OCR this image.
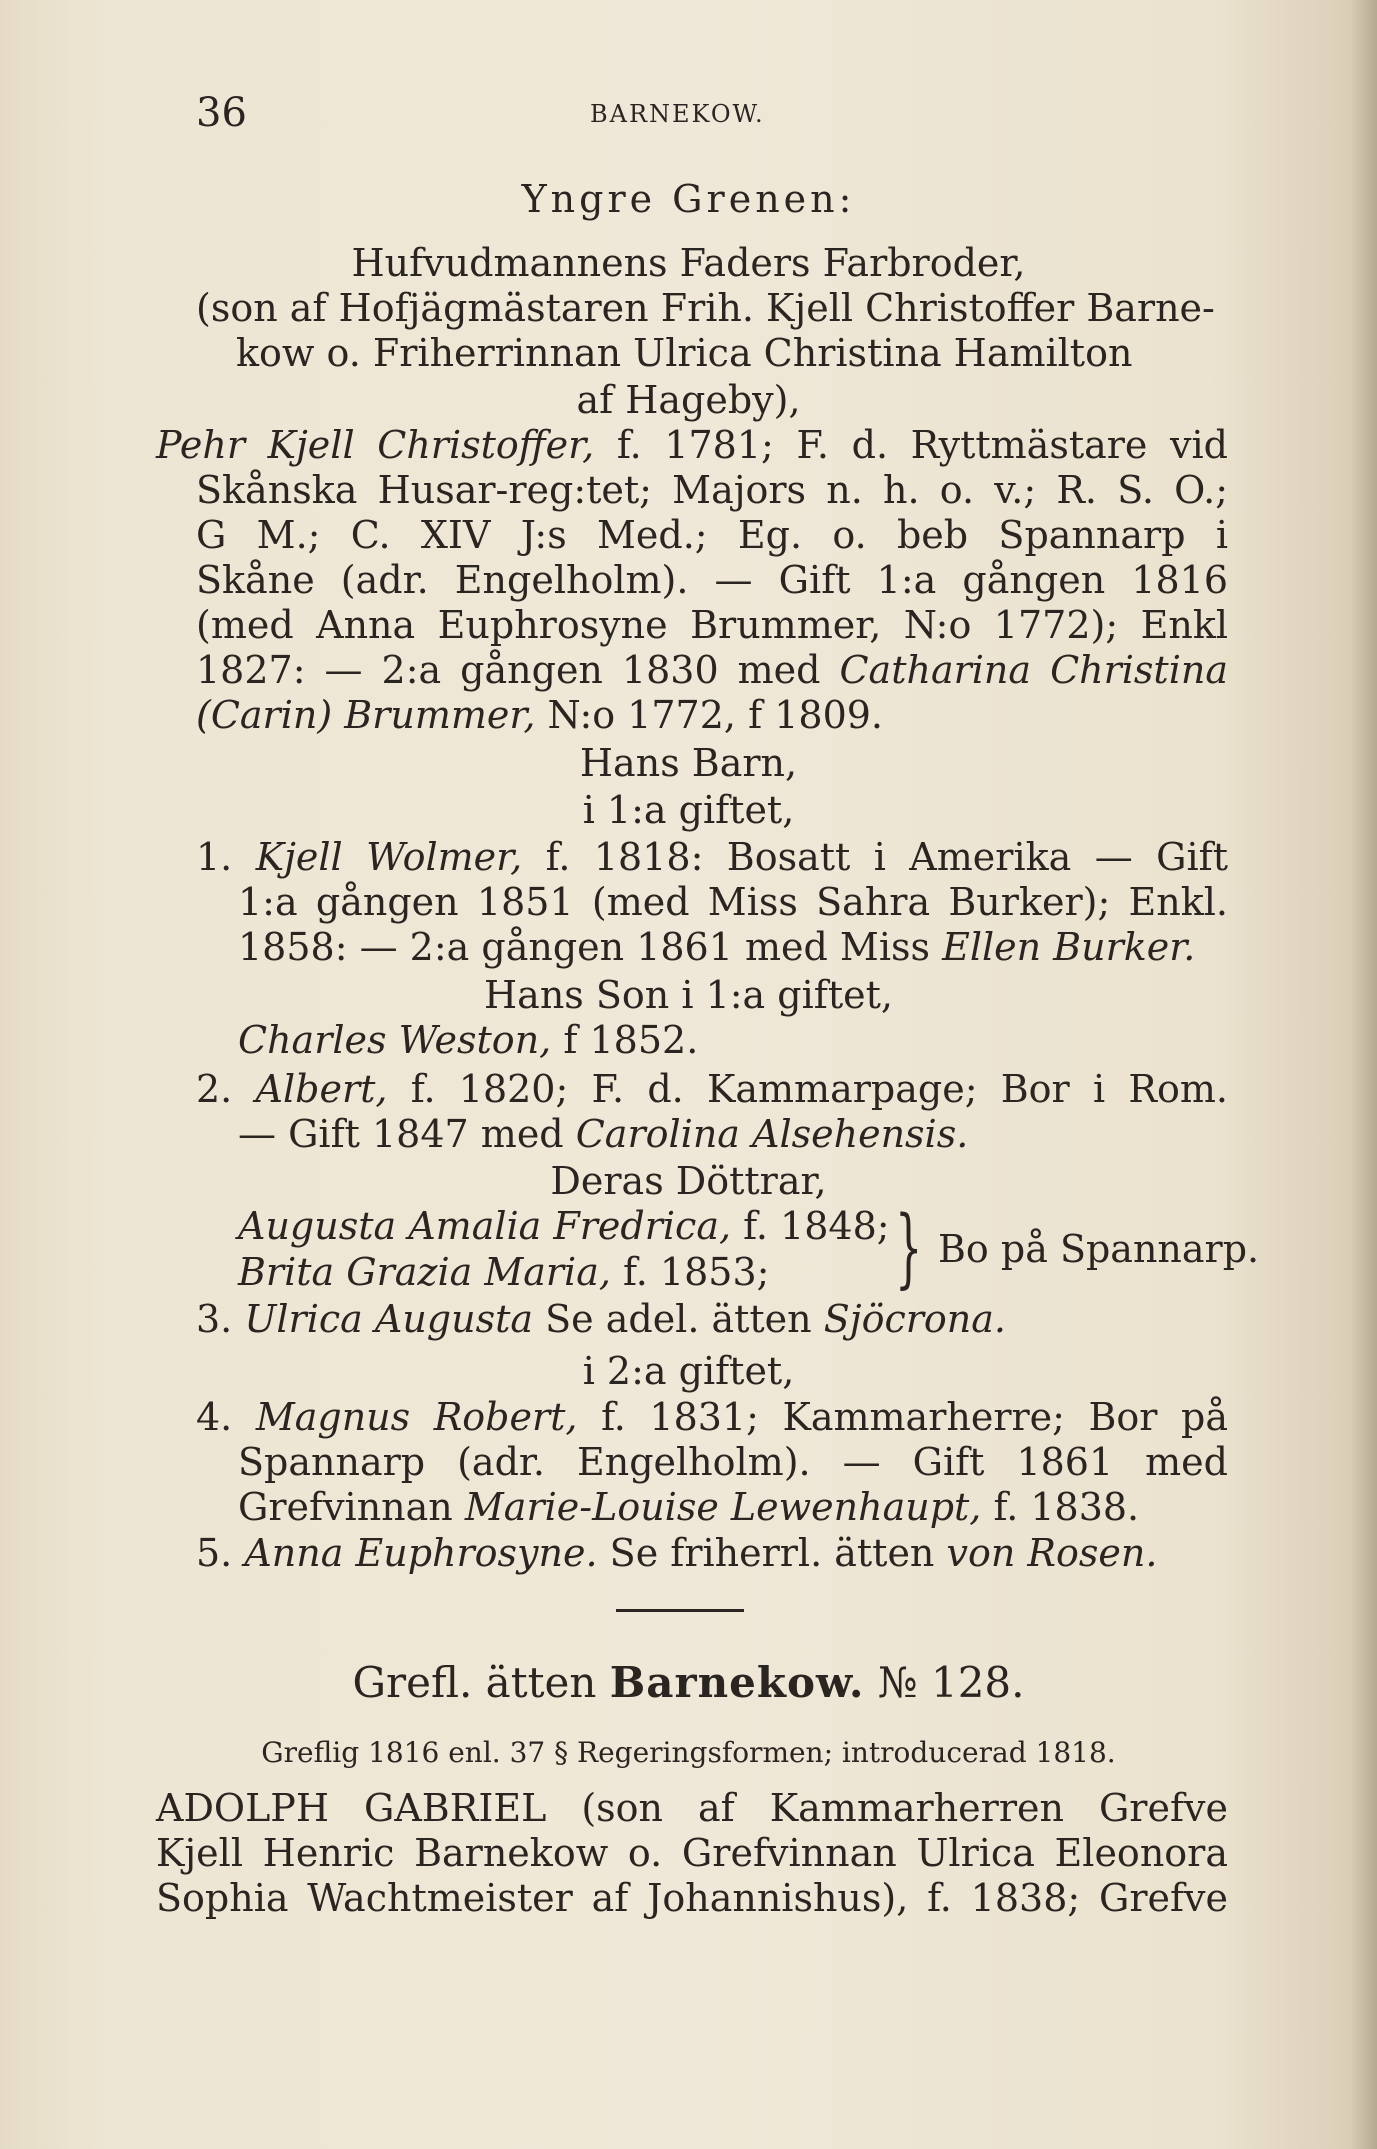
36	BARNEKOW.
Yngre Grenen:
Hufvudmannens Faders Farbroder,
(son af Hofjägmästaren Frih. Kjell Christoffer Barne-
kow o. Friherrinnan Ulrica Christina Hamilton
af Hageby),
Pehr Kjell Christoffer, f. 1781; F. d. Ryttmästare vid
Skånska Husar-reg:tet; Majors n. h. o. v.; R. S. O.;
G M.; C. XIV J:s Med.; Eg. o. beb Spannarp i
Skåne (adr. Engelholm). — Gift 1:a gången 1816
(med Anna Euphrosyne Brummer, N:o 1772); Enkl
1827: — 2:a gången 1830 med Catharina Christina
(Carin) Brummer, N:o 1772, f 1809.
Hans Barn,
i 1:a giftet,
1. Kjell Wolmer, f. 1818: Bosatt i Amerika — Gift
1:a gången 1851 (med Miss Sahra Burker); Enkl.
1858: — 2:a gången 1861 med Miss Ellen Burker.
Hans Son i 1:a giftet,
Charles Weston, f 1852.
2. Albert, f. 1820; F. d. Kammarpage; Bor i Rom.
— Gift 1847 med Carolina Alsehensis.
Deras Döttrar,
Augusta Amalia Fredrica, f. 1848;
Brita Grazia Maria, f. 1853; } Bo på Spannarp.
3. Ulrica Augusta Se adel. ätten Sjöcrona.
i 2:a giftet,
4. Magnus Robert, f. 1831; Kammarherre; Bor på
Spannarp (adr. Engelholm). — Gift 1861 med
Grefvinnan Marie-Louise Lewenhaupt, f. 1838.
5. Anna Euphrosyne. Se friherrl. ätten von Rosen.
Grefl. ätten Barnekow. № 128.
Greflig 1816 enl. 37 § Regeringsformen; introducerad 1818.
ADOLPH GABRIEL (son af Kammarherren Grefve
Kjell Henric Barnekow o. Grefvinnan Ulrica Eleonora
Sophia Wachtmeister af Johannishus), f. 1838; Grefve
